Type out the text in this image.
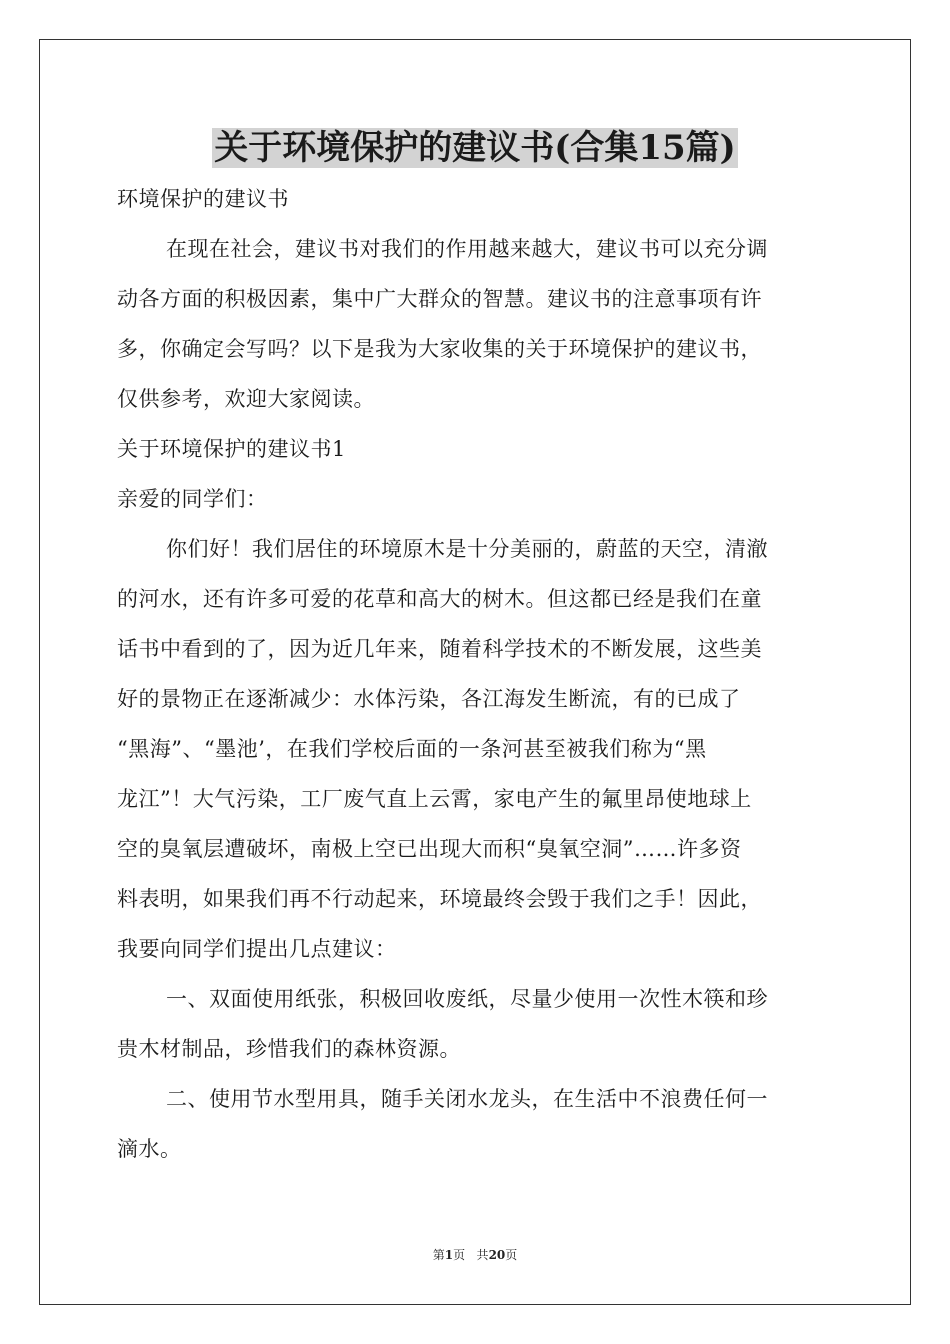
关于环境保护的建议书(合集15篇)
环境保护的建议书
在现在社会，建议书对我们的作用越来越大，建议书可以充分调
动各方面的积极因素，集中广大群众的智慧。建议书的注意事项有许
多，你确定会写吗？以下是我为大家收集的关于环境保护的建议书，
仅供参考，欢迎大家阅读。
关于环境保护的建议书1
亲爱的同学们：
你们好！我们居住的环境原木是十分美丽的，蔚蓝的天空，清澈
的河水，还有许多可爱的花草和高大的树木。但这都已经是我们在童
话书中看到的了，因为近几年来，随着科学技术的不断发展，这些美
好的景物正在逐渐减少：水体污染，各江海发生断流，有的已成了
“黑海”、“墨池’，在我们学校后面的一条河甚至被我们称为“黑
龙江”！大气污染，工厂废气直上云霄，家电产生的氟里昂使地球上
空的臭氧层遭破坏，南极上空已出现大而积“臭氧空洞”……许多资
料表明，如果我们再不行动起来，环境最终会毁于我们之手！因此，
我要向同学们提出几点建议：
一、双面使用纸张，积极回收废纸，尽量少使用一次性木筷和珍
贵木材制品，珍惜我们的森林资源。
二、使用节水型用具，随手关闭水龙头，在生活中不浪费任何一
滴水。
第1页 共20页
